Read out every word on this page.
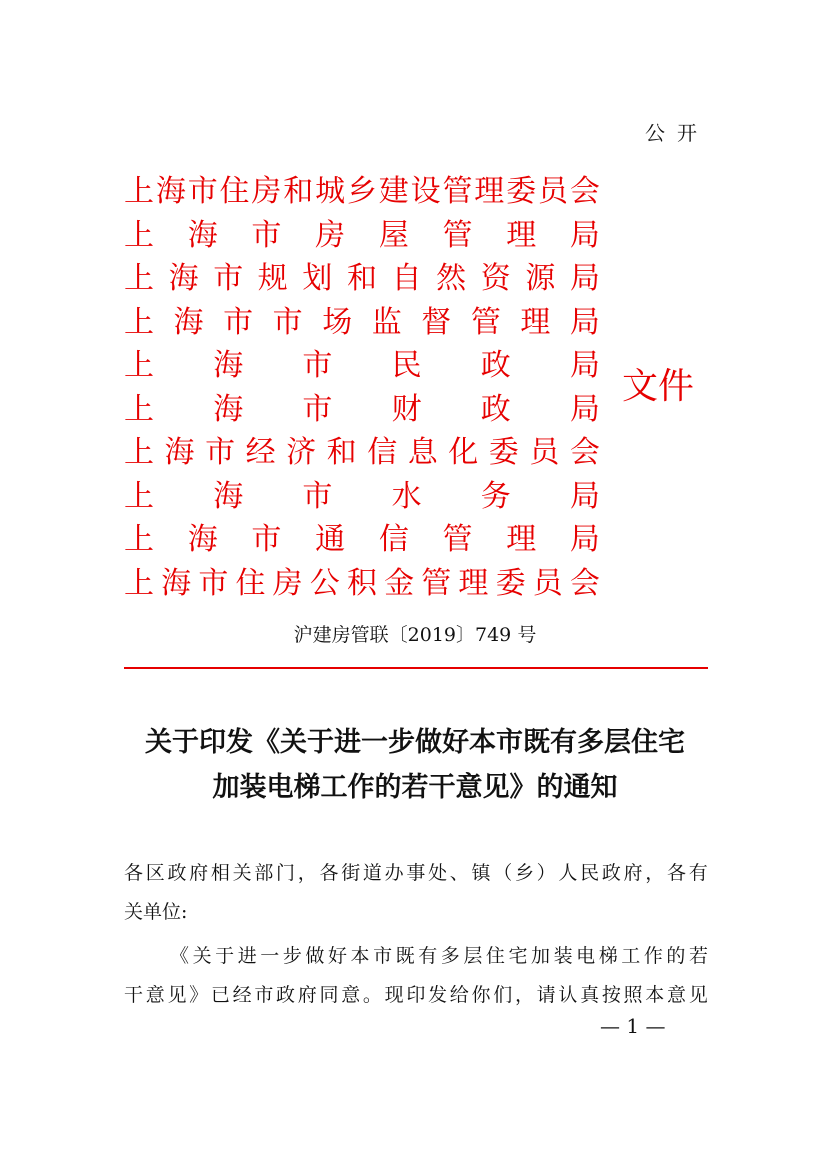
公开
上 海 市 住 房 和 城 乡 建 设 管 理 委 员 会
上 海 市 房 屋 管 理 局
上 海 市 规 划 和 自 然 资 源 局
上 海 市 市 场 监 督 管 理 局
上 海 市 民 政 局
上 海 市 财 政 局
上 海 市 经 济 和 信 息 化 委 员 会
上 海 市 水 务 局
上 海 市 通 信 管 理 局
上 海 市 住 房 公 积 金 管 理 委 员 会
文件
沪建房管联〔2019〕749 号
关于印发《关于进一步做好本市既有多层住宅
加装电梯工作的若干意见》的通知
各 区 政 府 相 关 部 门 ， 各 街 道 办 事 处 、 镇 （ 乡 ） 人 民 政 府 ， 各 有
关单位:
《 关 于 进 一 步 做 好 本 市 既 有 多 层 住 宅 加 装 电 梯 工 作 的 若
干 意 见 》 已 经 市 政 府 同 意 。 现 印 发 给 你 们 ， 请 认 真 按 照 本 意 见
— 1 —
